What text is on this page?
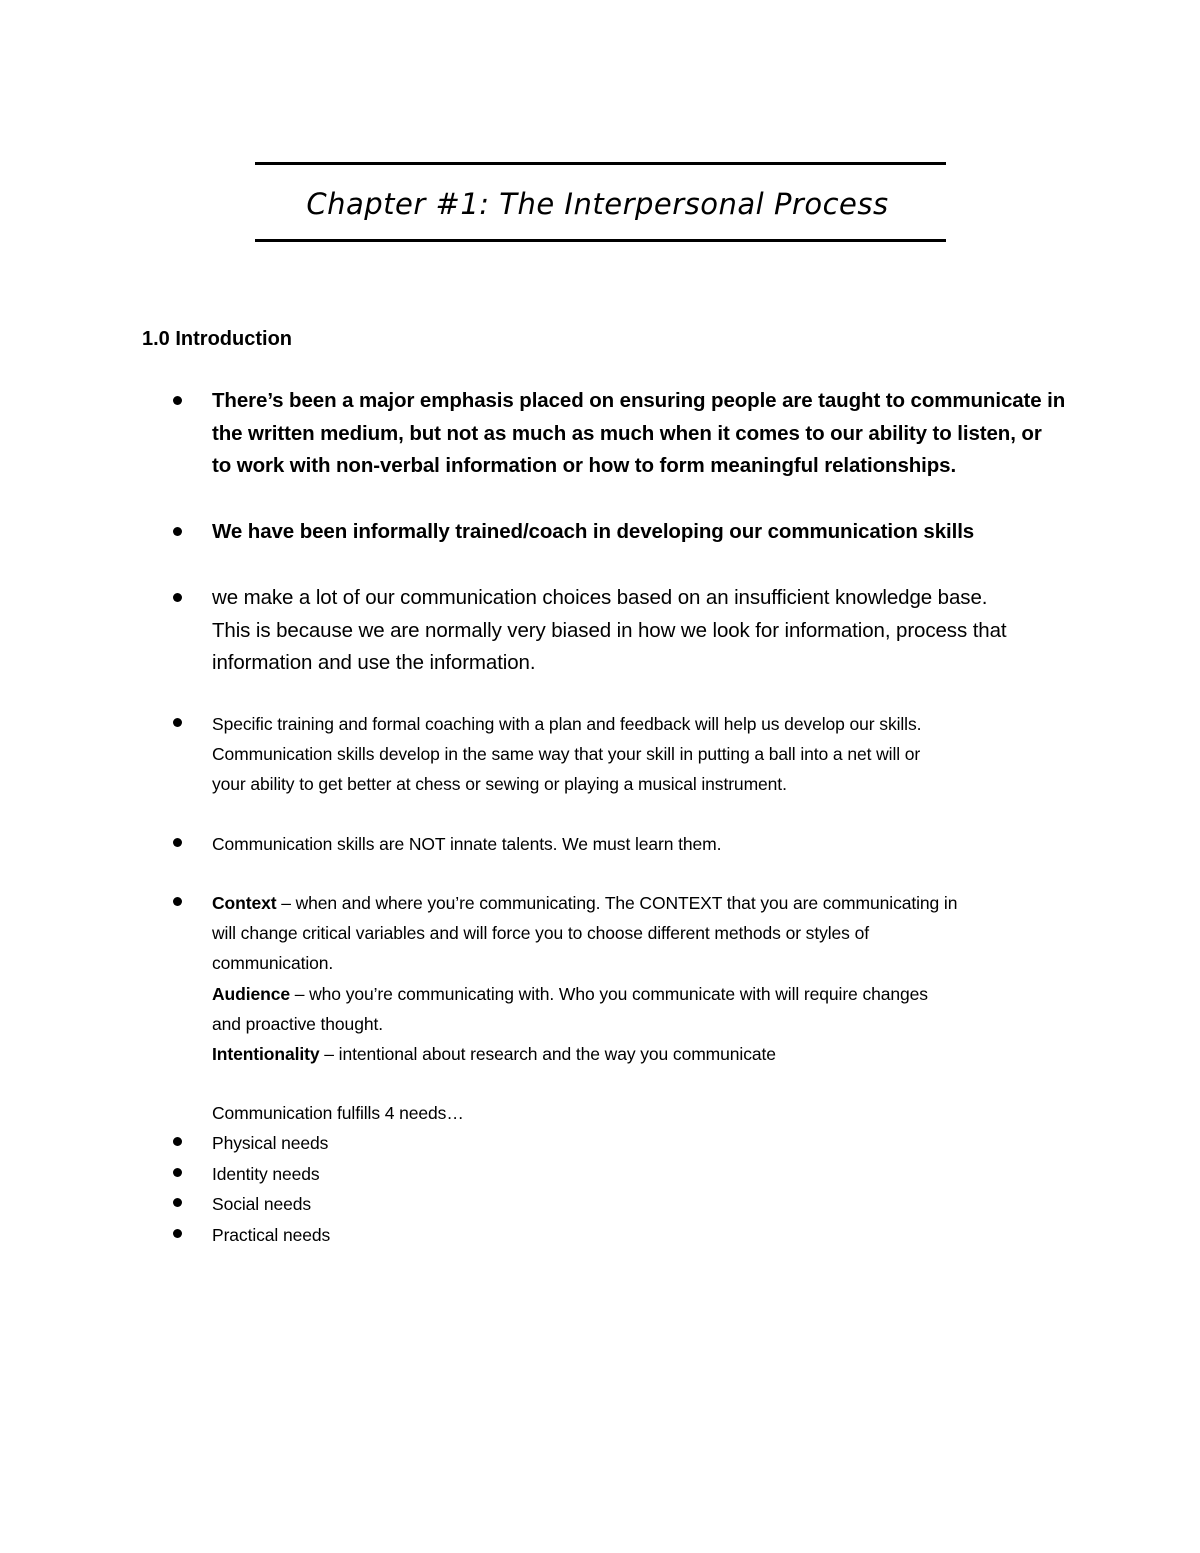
Chapter #1: The Interpersonal Process
1.0 Introduction
There’s been a major emphasis placed on ensuring people are taught to communicate in
the written medium, but not as much as much when it comes to our ability to listen, or
to work with non-verbal information or how to form meaningful relationships.
We have been informally trained/coach in developing our communication skills
we make a lot of our communication choices based on an insufficient knowledge base.
This is because we are normally very biased in how we look for information, process that
information and use the information.
Specific training and formal coaching with a plan and feedback will help us develop our skills.
Communication skills develop in the same way that your skill in putting a ball into a net will or
your ability to get better at chess or sewing or playing a musical instrument.
Communication skills are NOT innate talents. We must learn them.
Context – when and where you’re communicating. The CONTEXT that you are communicating in
will change critical variables and will force you to choose different methods or styles of
communication.
Audience – who you’re communicating with. Who you communicate with will require changes
and proactive thought.
Intentionality – intentional about research and the way you communicate
Communication fulfills 4 needs…
Physical needs
Identity needs
Social needs
Practical needs
